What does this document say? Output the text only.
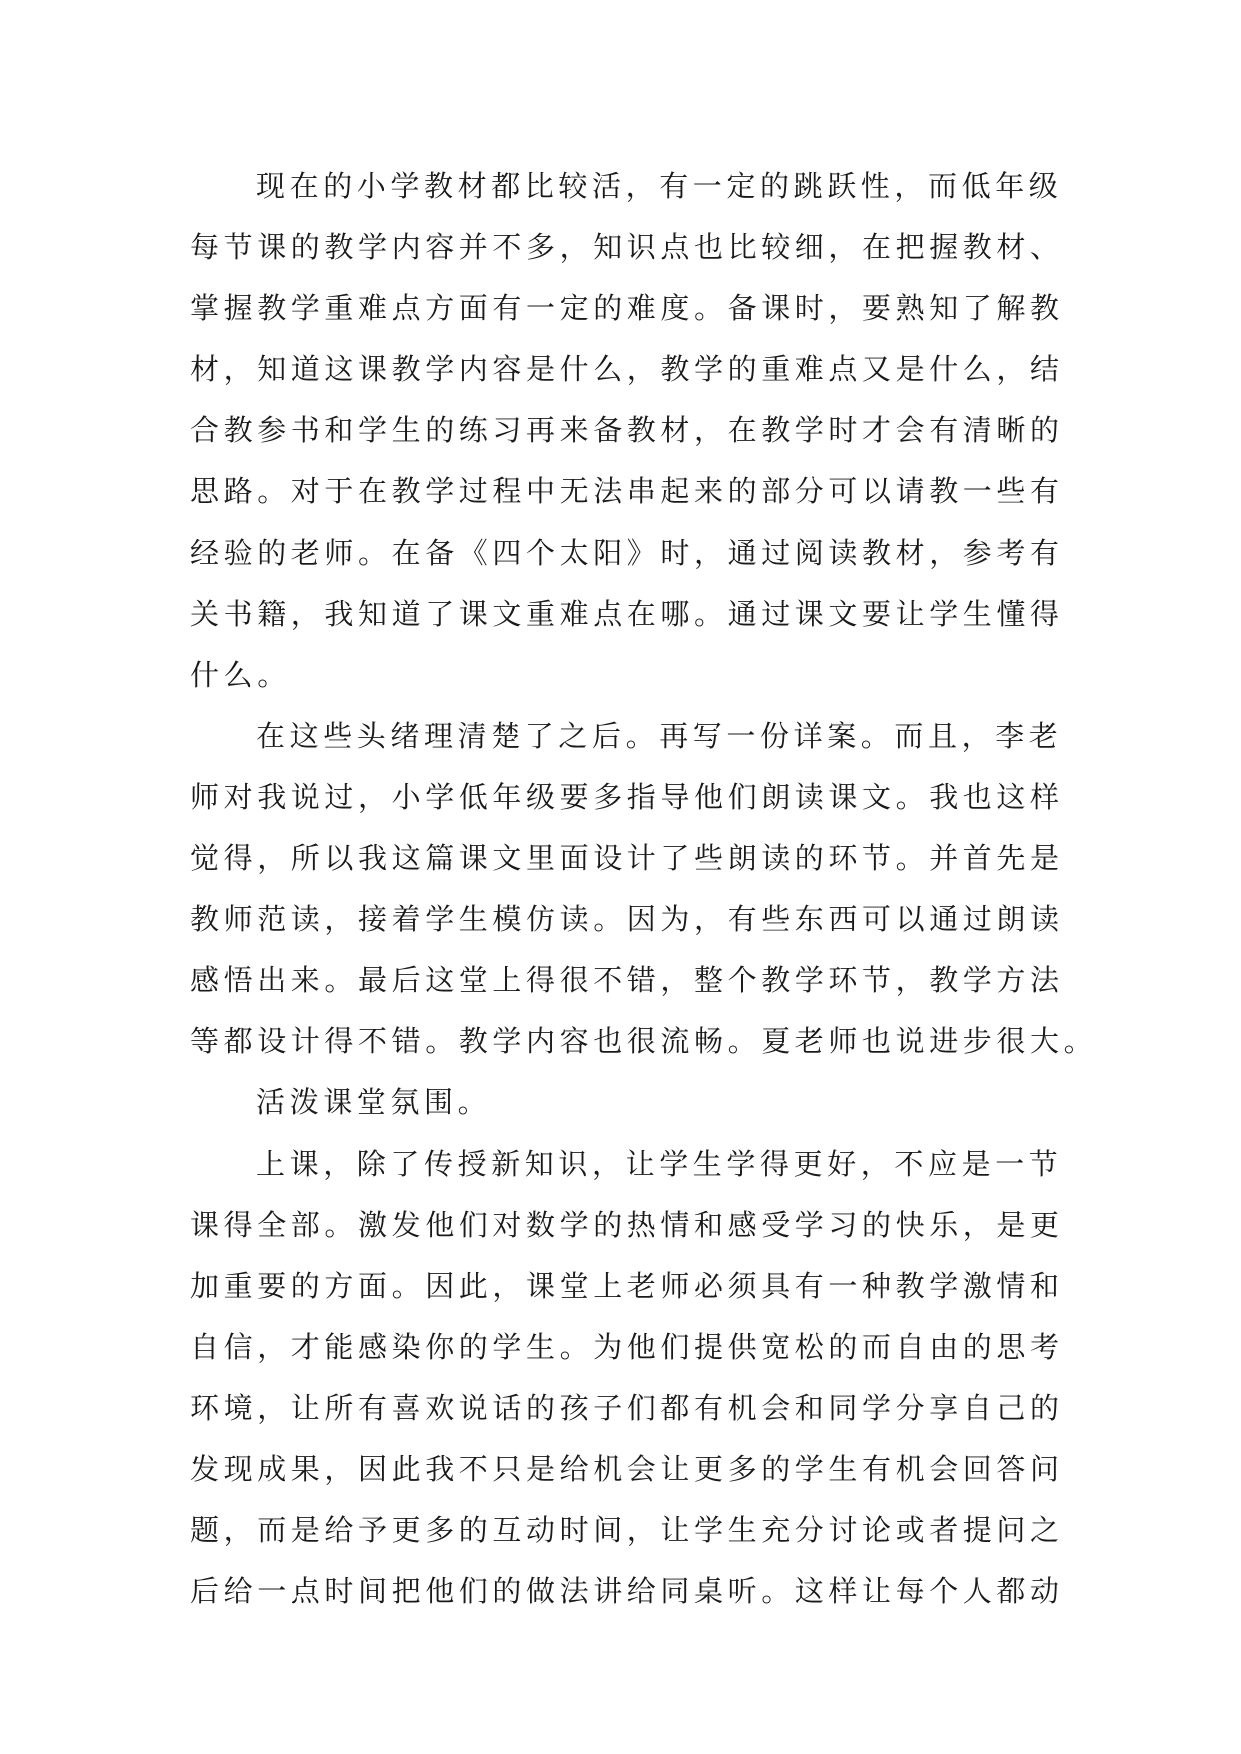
现在的小学教材都比较活，有一定的跳跃性，而低年级
每节课的教学内容并不多，知识点也比较细，在把握教材、
掌握教学重难点方面有一定的难度。备课时，要熟知了解教
材，知道这课教学内容是什么，教学的重难点又是什么，结
合教参书和学生的练习再来备教材，在教学时才会有清晰的
思路。对于在教学过程中无法串起来的部分可以请教一些有
经验的老师。在备《四个太阳》时，通过阅读教材，参考有
关书籍，我知道了课文重难点在哪。通过课文要让学生懂得
什么。
在这些头绪理清楚了之后。再写一份详案。而且，李老
师对我说过，小学低年级要多指导他们朗读课文。我也这样
觉得，所以我这篇课文里面设计了些朗读的环节。并首先是
教师范读，接着学生模仿读。因为，有些东西可以通过朗读
感悟出来。最后这堂上得很不错，整个教学环节，教学方法
等都设计得不错。教学内容也很流畅。夏老师也说进步很大。
活泼课堂氛围。
上课，除了传授新知识，让学生学得更好，不应是一节
课得全部。激发他们对数学的热情和感受学习的快乐，是更
加重要的方面。因此，课堂上老师必须具有一种教学激情和
自信，才能感染你的学生。为他们提供宽松的而自由的思考
环境，让所有喜欢说话的孩子们都有机会和同学分享自己的
发现成果，因此我不只是给机会让更多的学生有机会回答问
题，而是给予更多的互动时间，让学生充分讨论或者提问之
后给一点时间把他们的做法讲给同桌听。这样让每个人都动
